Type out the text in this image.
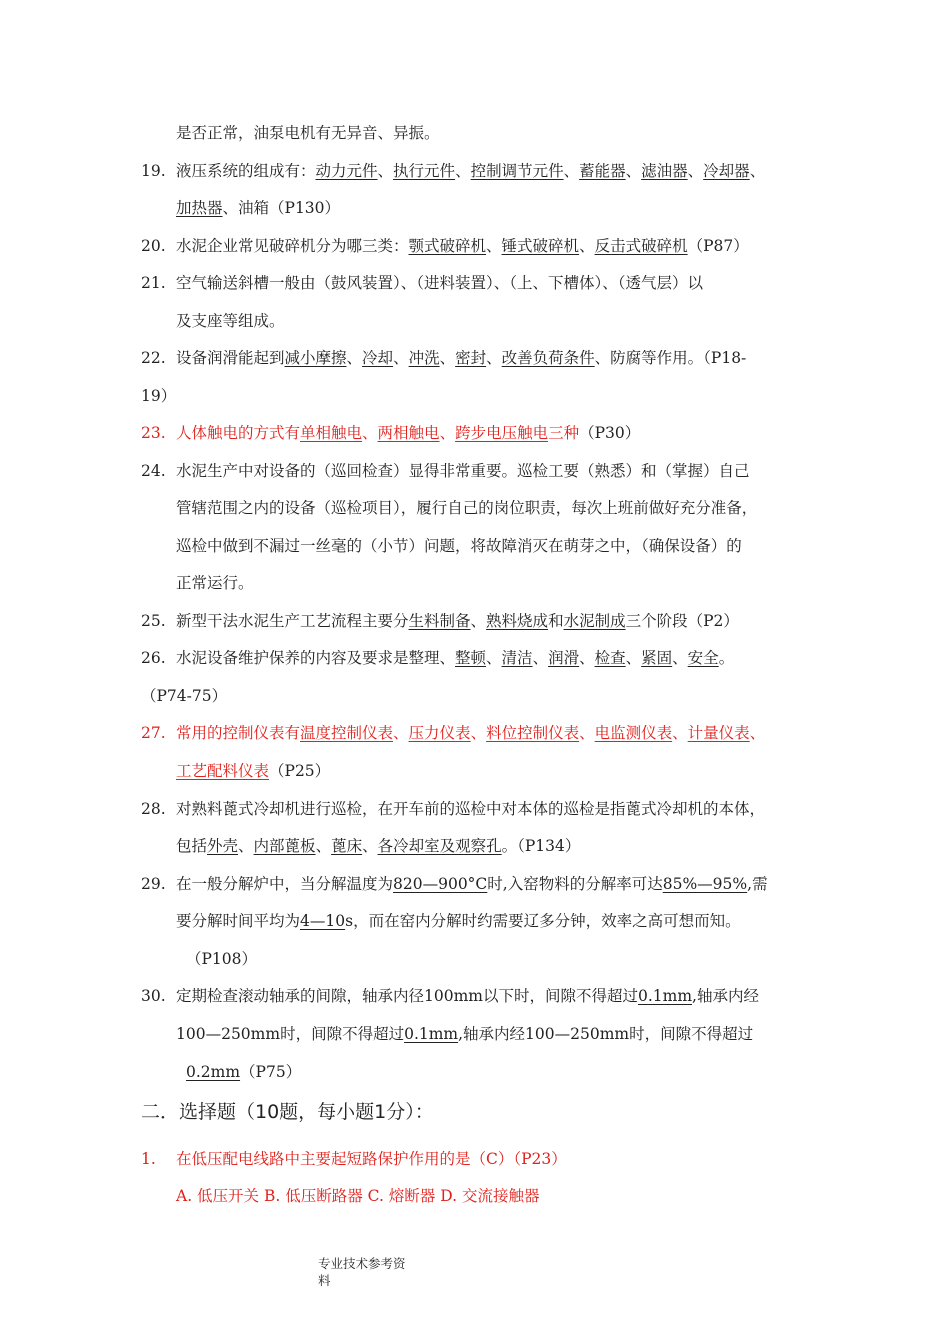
是否正常，油泵电机有无异音、异振。
19. 液压系统的组成有：动力元件、执行元件、控制调节元件、蓄能器、滤油器、冷却器、
加热器、油箱（P130）
20. 水泥企业常见破碎机分为哪三类：颚式破碎机、锤式破碎机、反击式破碎机（P87）
21. 空气输送斜槽一般由（鼓风装置）、（进料装置）、（上、下槽体）、（透气层）以
及支座等组成。
22. 设备润滑能起到减小摩擦、冷却、冲洗、密封、改善负荷条件、防腐等作用。（P18-
19）
23. 人体触电的方式有单相触电、两相触电、跨步电压触电三种（P30）
24. 水泥生产中对设备的（巡回检查）显得非常重要。巡检工要（熟悉）和（掌握）自己
管辖范围之内的设备（巡检项目），履行自己的岗位职责，每次上班前做好充分准备，
巡检中做到不漏过一丝毫的（小节）问题，将故障消灭在萌芽之中，（确保设备）的
正常运行。
25. 新型干法水泥生产工艺流程主要分生料制备、熟料烧成和水泥制成三个阶段（P2）
26. 水泥设备维护保养的内容及要求是整理、整顿、清洁、润滑、检查、紧固、安全。
（P74-75）
27. 常用的控制仪表有温度控制仪表、压力仪表、料位控制仪表、电监测仪表、计量仪表、
工艺配料仪表（P25）
28. 对熟料蓖式冷却机进行巡检，在开车前的巡检中对本体的巡检是指蓖式冷却机的本体，
包括外壳、内部蓖板、蓖床、各冷却室及观察孔。（P134）
29. 在一般分解炉中，当分解温度为820—900°C时,入窑物料的分解率可达85%—95%,需
要分解时间平均为4—10s，而在窑内分解时约需要辽多分钟，效率之高可想而知。
（P108）
30. 定期检查滚动轴承的间隙，轴承内径100mm以下时，间隙不得超过0.1mm,轴承内经
100—250mm时，间隙不得超过0.1mm,轴承内经100—250mm时，间隙不得超过
0.2mm（P75）
二．选择题（10题，每小题1分）：
1. 在低压配电线路中主要起短路保护作用的是（C）（P23）
A. 低压开关 B. 低压断路器 C. 熔断器 D. 交流接触器
专业技术参考资
料
